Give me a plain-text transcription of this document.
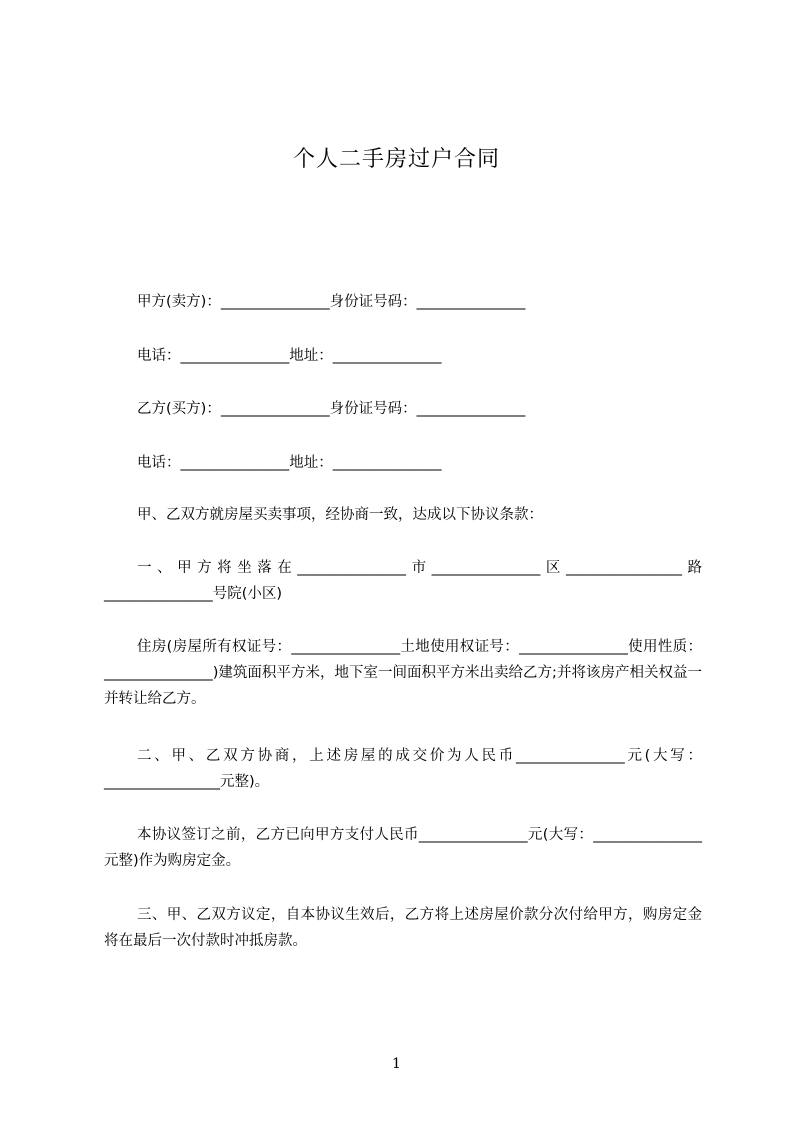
个人二手房过户合同
甲方(卖方)：_______________身份证号码：_______________
电话：_______________地址：_______________
乙方(买方)：_______________身份证号码：_______________
电话：_______________地址：_______________
甲、乙双方就房屋买卖事项，经协商一致，达成以下协议条款：
一、甲方将坐落在_______________市_______________区________________路_______________号院(小区)
住房(房屋所有权证号：_______________土地使用权证号：_______________使用性质：_______________)建筑面积平方米，地下室一间面积平方米出卖给乙方;并将该房产相关权益一并转让给乙方。
二、甲、乙双方协商，上述房屋的成交价为人民币_______________元(大写：________________元整)。
本协议签订之前，乙方已向甲方支付人民币_______________元(大写：_______________元整)作为购房定金。
三、甲、乙双方议定，自本协议生效后，乙方将上述房屋价款分次付给甲方，购房定金将在最后一次付款时冲抵房款。
1
